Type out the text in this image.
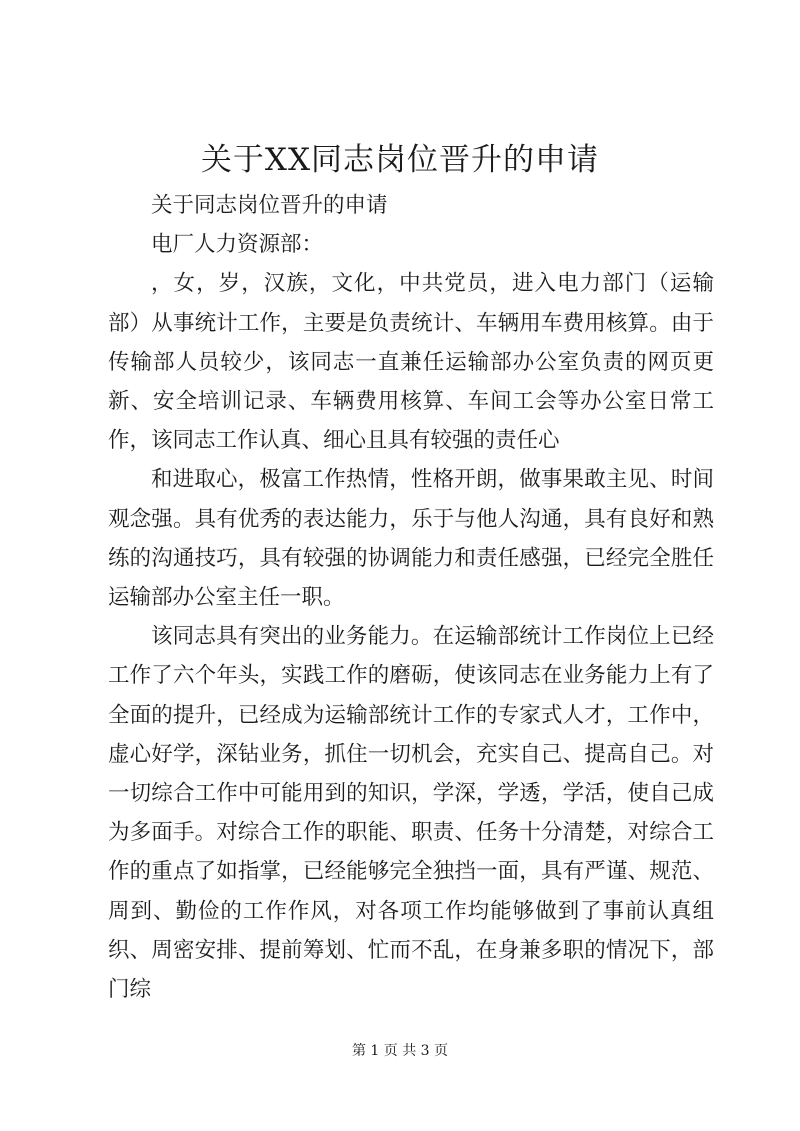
关于XX同志岗位晋升的申请

关于同志岗位晋升的申请

电厂人力资源部：

，女，岁，汉族，文化，中共党员，进入电力部门（运输部）从事统计工作，主要是负责统计、车辆用车费用核算。由于传输部人员较少，该同志一直兼任运输部办公室负责的网页更新、安全培训记录、车辆费用核算、车间工会等办公室日常工作，该同志工作认真、细心且具有较强的责任心

和进取心，极富工作热情，性格开朗，做事果敢主见、时间观念强。具有优秀的表达能力，乐于与他人沟通，具有良好和熟练的沟通技巧，具有较强的协调能力和责任感强，已经完全胜任运输部办公室主任一职。

该同志具有突出的业务能力。在运输部统计工作岗位上已经工作了六个年头，实践工作的磨砺，使该同志在业务能力上有了全面的提升，已经成为运输部统计工作的专家式人才，工作中，虚心好学，深钻业务，抓住一切机会，充实自己、提高自己。对一切综合工作中可能用到的知识，学深，学透，学活，使自己成为多面手。对综合工作的职能、职责、任务十分清楚，对综合工作的重点了如指掌，已经能够完全独挡一面，具有严谨、规范、周到、勤俭的工作作风，对各项工作均能够做到了事前认真组织、周密安排、提前筹划、忙而不乱，在身兼多职的情况下，部门综

第 1 页 共 3 页
